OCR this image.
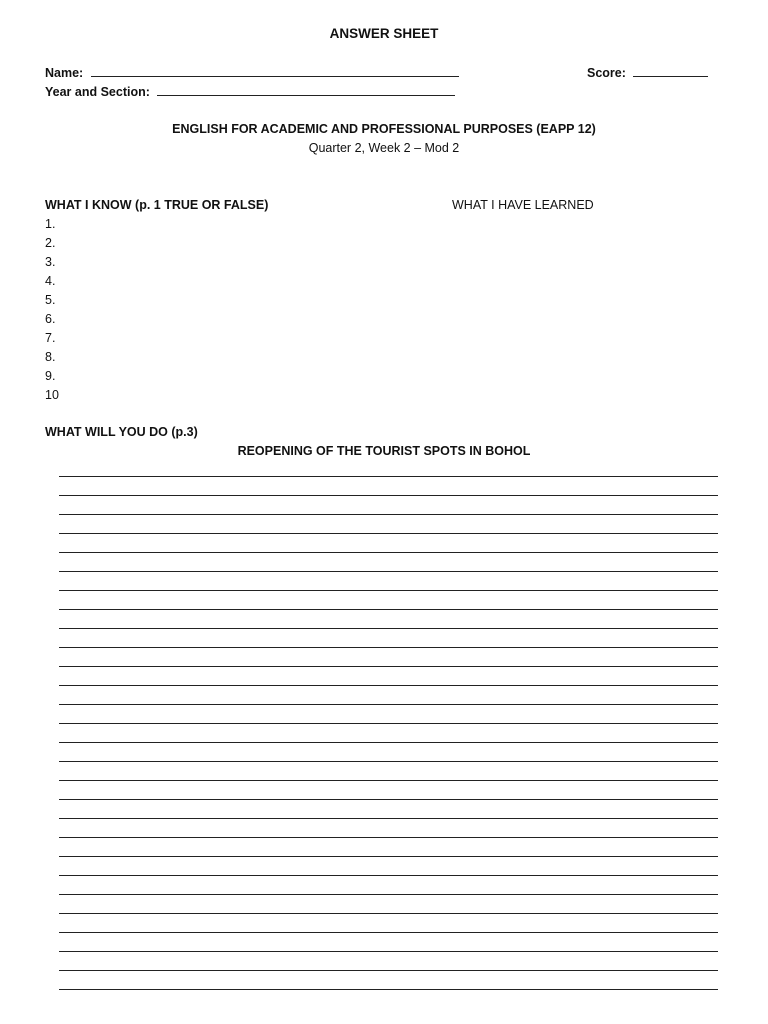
ANSWER SHEET
Name:	Score:
Year and Section:
ENGLISH FOR ACADEMIC AND PROFESSIONAL PURPOSES (EAPP 12)
Quarter 2, Week 2 – Mod 2
WHAT I KNOW (p. 1 TRUE OR FALSE)	WHAT I HAVE LEARNED
1.
2.
3.
4.
5.
6.
7.
8.
9.
10
WHAT WILL YOU DO (p.3)
REOPENING OF THE TOURIST SPOTS IN BOHOL
